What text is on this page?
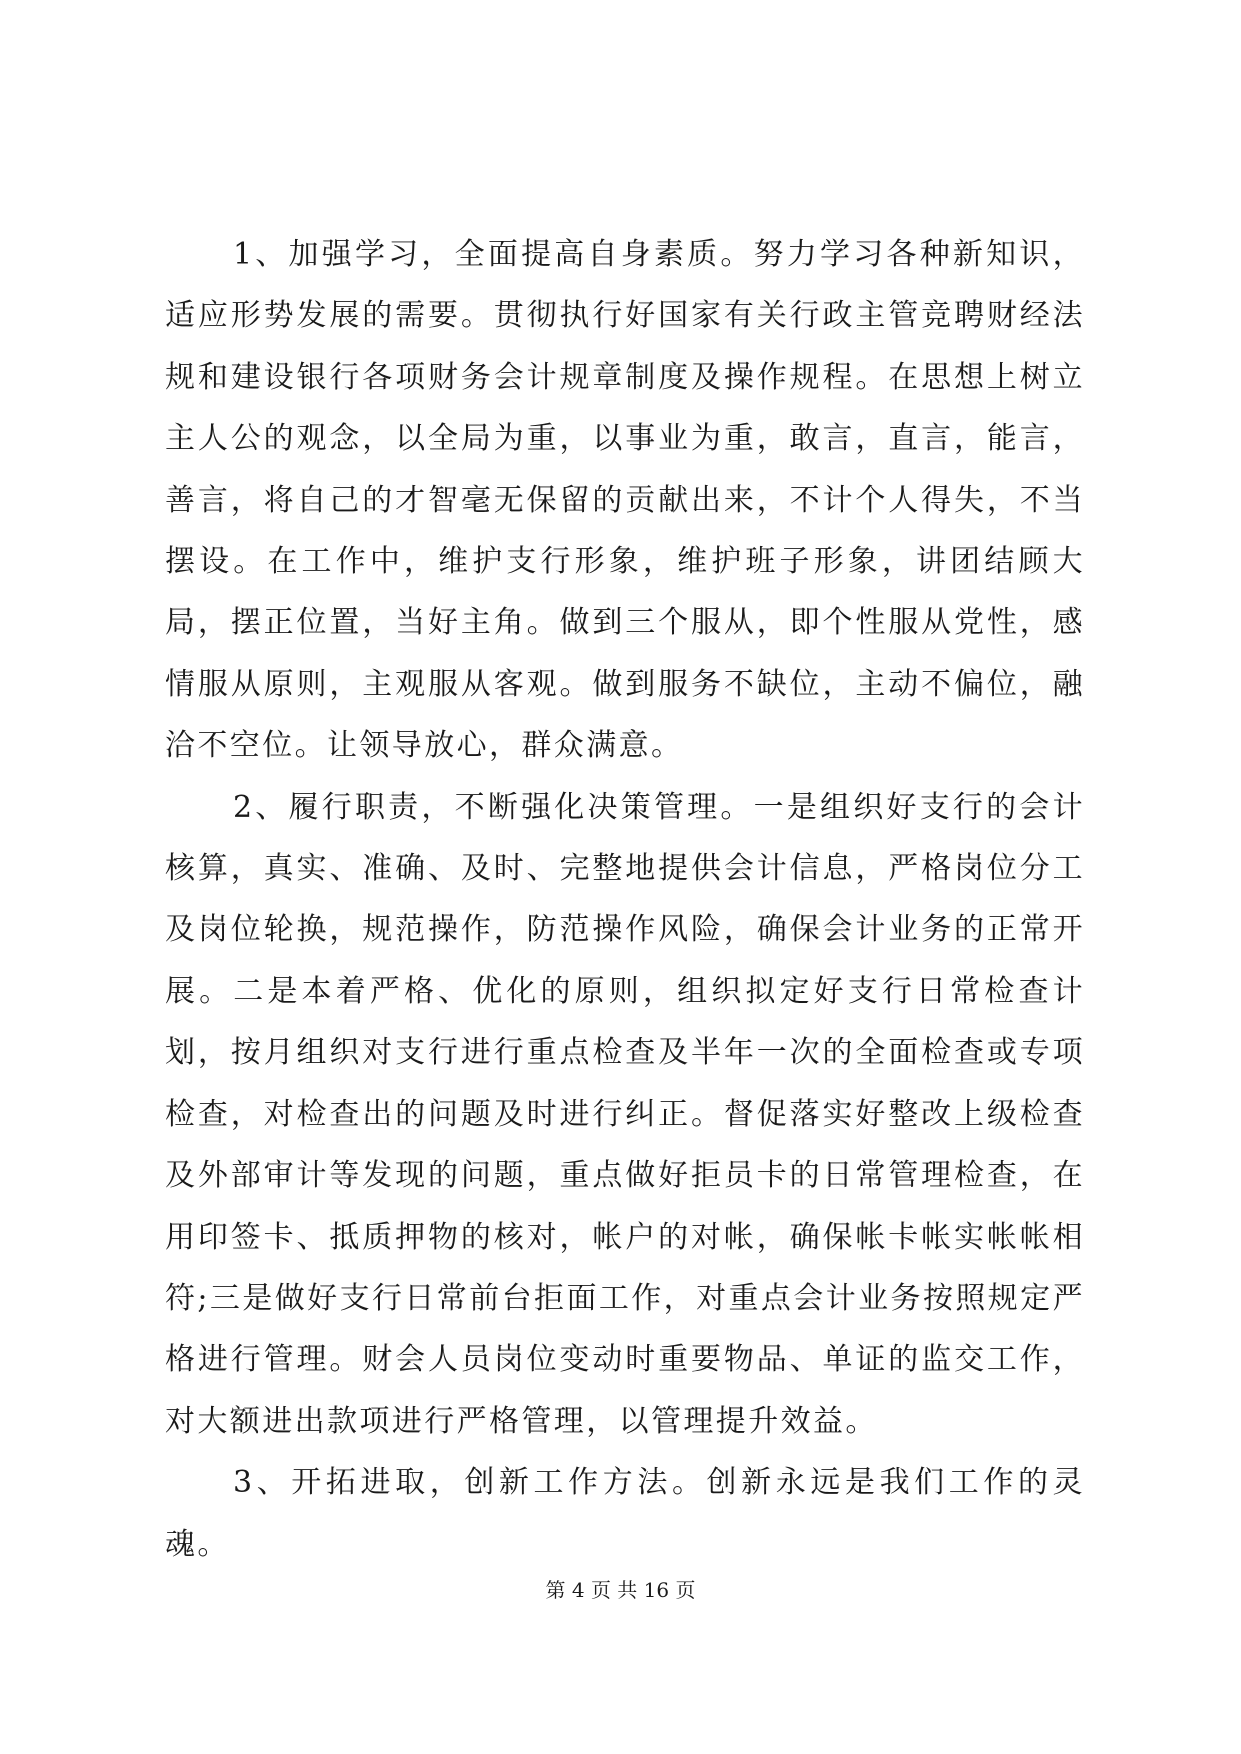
1、加强学习，全面提高自身素质。努力学习各种新知识，适应形势发展的需要。贯彻执行好国家有关行政主管竞聘财经法规和建设银行各项财务会计规章制度及操作规程。在思想上树立主人公的观念，以全局为重，以事业为重，敢言，直言，能言，善言，将自己的才智毫无保留的贡献出来，不计个人得失，不当摆设。在工作中，维护支行形象，维护班子形象，讲团结顾大局，摆正位置，当好主角。做到三个服从，即个性服从党性，感情服从原则，主观服从客观。做到服务不缺位，主动不偏位，融洽不空位。让领导放心，群众满意。

2、履行职责，不断强化决策管理。一是组织好支行的会计核算，真实、准确、及时、完整地提供会计信息，严格岗位分工及岗位轮换，规范操作，防范操作风险，确保会计业务的正常开展。二是本着严格、优化的原则，组织拟定好支行日常检查计划，按月组织对支行进行重点检查及半年一次的全面检查或专项检查，对检查出的问题及时进行纠正。督促落实好整改上级检查及外部审计等发现的问题，重点做好拒员卡的日常管理检查，在用印签卡、抵质押物的核对，帐户的对帐，确保帐卡帐实帐帐相符;三是做好支行日常前台拒面工作，对重点会计业务按照规定严格进行管理。财会人员岗位变动时重要物品、单证的监交工作，对大额进出款项进行严格管理，以管理提升效益。

3、开拓进取，创新工作方法。创新永远是我们工作的灵魂。

第 4 页 共 16 页
